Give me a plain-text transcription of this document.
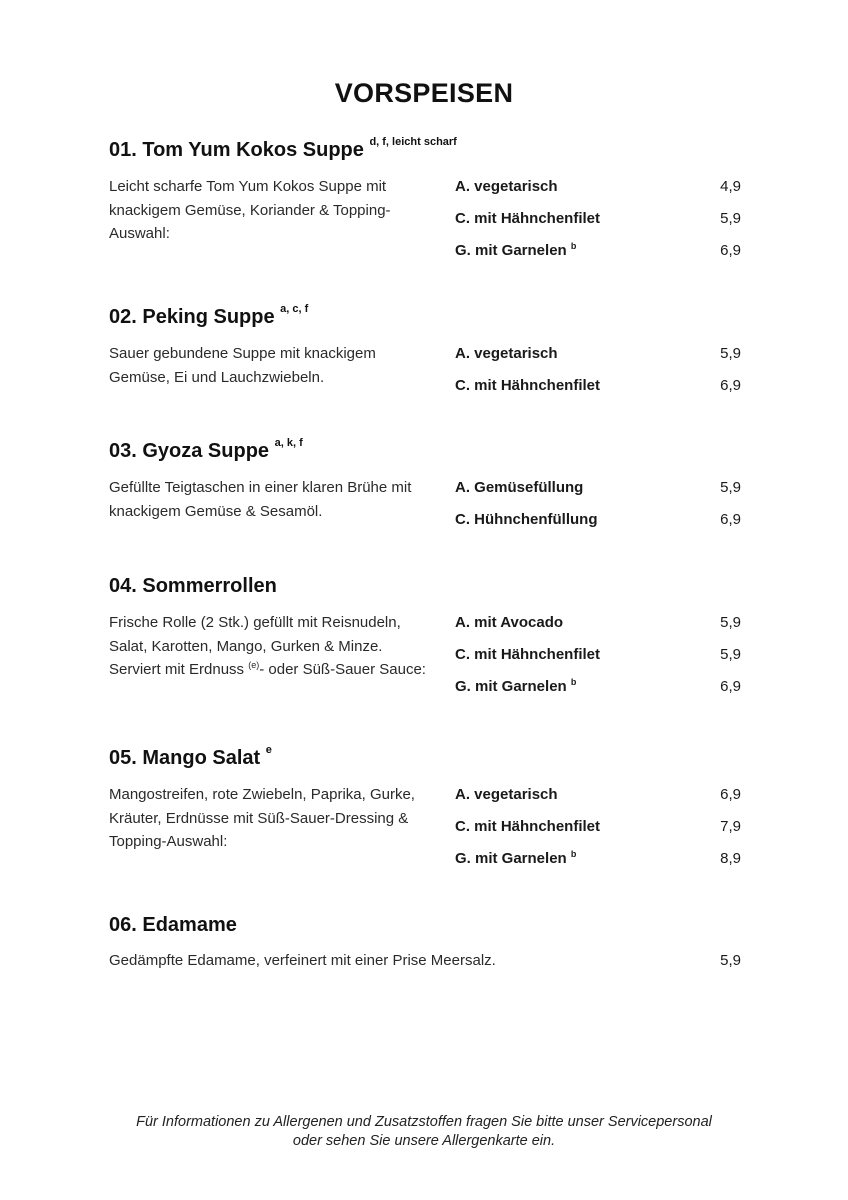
VORSPEISEN
01. Tom Yum Kokos Suppe $^{d, f, leicht scharf}$
Leicht scharfe Tom Yum Kokos Suppe mit knackigem Gemüse, Koriander & Topping-Auswahl:
A. vegetarisch	4,9
C. mit Hähnchenfilet	5,9
G. mit Garnelen $^b$	6,9
02. Peking Suppe $^{a, c, f}$
Sauer gebundene Suppe mit knackigem Gemüse, Ei und Lauchzwiebeln.
A. vegetarisch	5,9
C. mit Hähnchenfilet	6,9
03. Gyoza Suppe $^{a, k, f}$
Gefüllte Teigtaschen in einer klaren Brühe mit knackigem Gemüse & Sesamöl.
A. Gemüsefüllung	5,9
C. Hühnchenfüllung	6,9
04. Sommerrollen
Frische Rolle (2 Stk.) gefüllt mit Reisnudeln, Salat, Karotten, Mango, Gurken & Minze. Serviert mit Erdnuss $^{(e)}$- oder Süß-Sauer Sauce:
A. mit Avocado	5,9
C. mit Hähnchenfilet	5,9
G. mit Garnelen $^b$	6,9
05. Mango Salat $^e$
Mangostreifen, rote Zwiebeln, Paprika, Gurke, Kräuter, Erdnüsse mit Süß-Sauer-Dressing & Topping-Auswahl:
A. vegetarisch	6,9
C. mit Hähnchenfilet	7,9
G. mit Garnelen $^b$	8,9
06. Edamame
Gedämpfte Edamame, verfeinert mit einer Prise Meersalz.	5,9
Für Informationen zu Allergenen und Zusatzstoffen fragen Sie bitte unser Servicepersonal
oder sehen Sie unsere Allergenkarte ein.
